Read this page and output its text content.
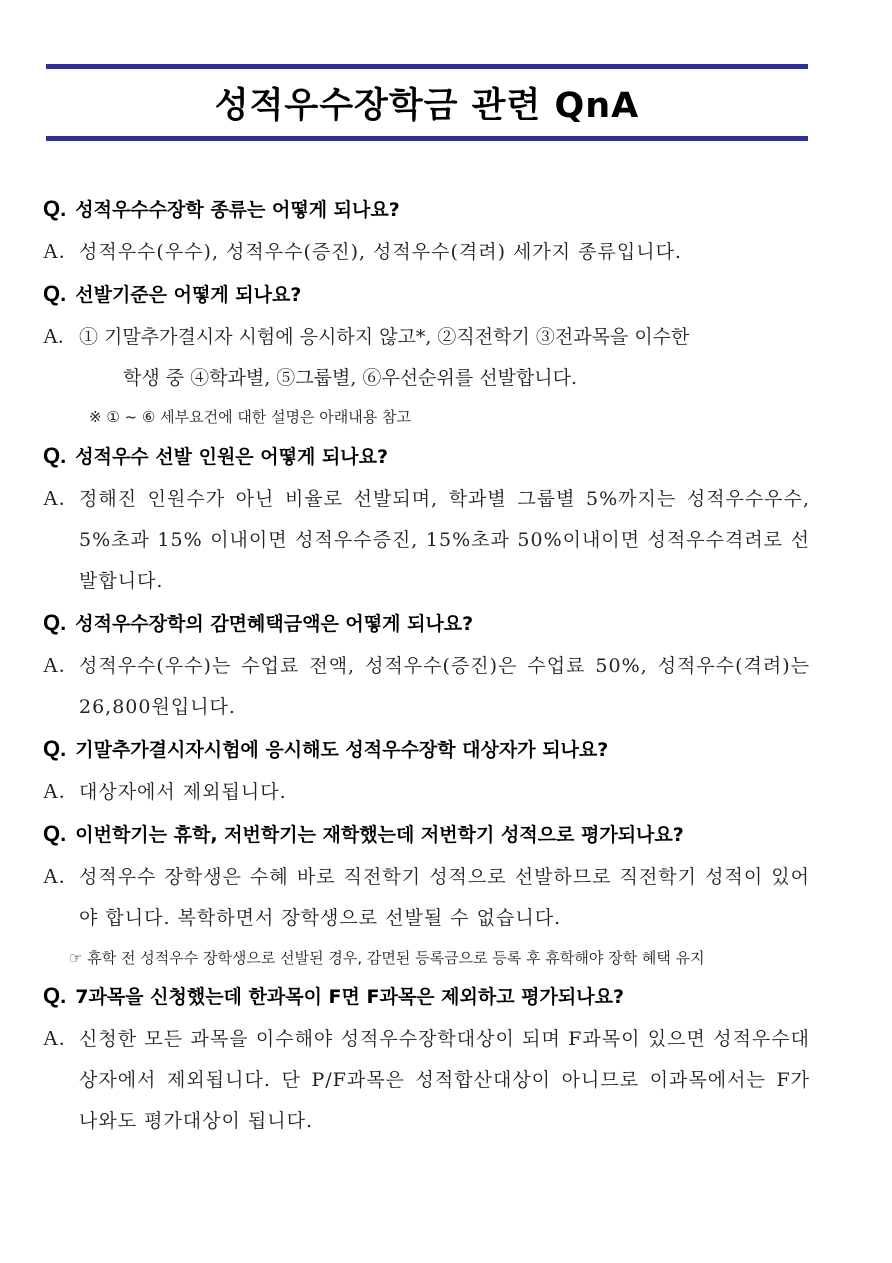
성적우수장학금 관련 QnA
Q. 성적우수수장학 종류는 어떻게 되나요?
A. 성적우수(우수), 성적우수(증진), 성적우수(격려) 세가지 종류입니다.
Q. 선발기준은 어떻게 되나요?
A. ① 기말추가결시자 시험에 응시하지 않고*, ②직전학기 ③전과목을 이수한
학생 중 ④학과별, ⑤그룹별, ⑥우선순위를 선발합니다.
※ ① ~ ⑥ 세부요건에 대한 설명은 아래내용 참고
Q. 성적우수 선발 인원은 어떻게 되나요?
A. 정해진 인원수가 아닌 비율로 선발되며, 학과별 그룹별 5%까지는 성적우수우수, 5%초과 15% 이내이면 성적우수증진, 15%초과 50%이내이면 성적우수격려로 선발합니다.
Q. 성적우수장학의 감면혜택금액은 어떻게 되나요?
A. 성적우수(우수)는 수업료 전액, 성적우수(증진)은 수업료 50%, 성적우수(격려)는 26,800원입니다.
Q. 기말추가결시자시험에 응시해도 성적우수장학 대상자가 되나요?
A. 대상자에서 제외됩니다.
Q. 이번학기는 휴학, 저번학기는 재학했는데 저번학기 성적으로 평가되나요?
A. 성적우수 장학생은 수혜 바로 직전학기 성적으로 선발하므로 직전학기 성적이 있어야 합니다. 복학하면서 장학생으로 선발될 수 없습니다.
☞ 휴학 전 성적우수 장학생으로 선발된 경우, 감면된 등록금으로 등록 후 휴학해야 장학 혜택 유지
Q. 7과목을 신청했는데 한과목이 F면 F과목은 제외하고 평가되나요?
A. 신청한 모든 과목을 이수해야 성적우수장학대상이 되며 F과목이 있으면 성적우수대상자에서 제외됩니다. 단 P/F과목은 성적합산대상이 아니므로 이과목에서는 F가 나와도 평가대상이 됩니다.
